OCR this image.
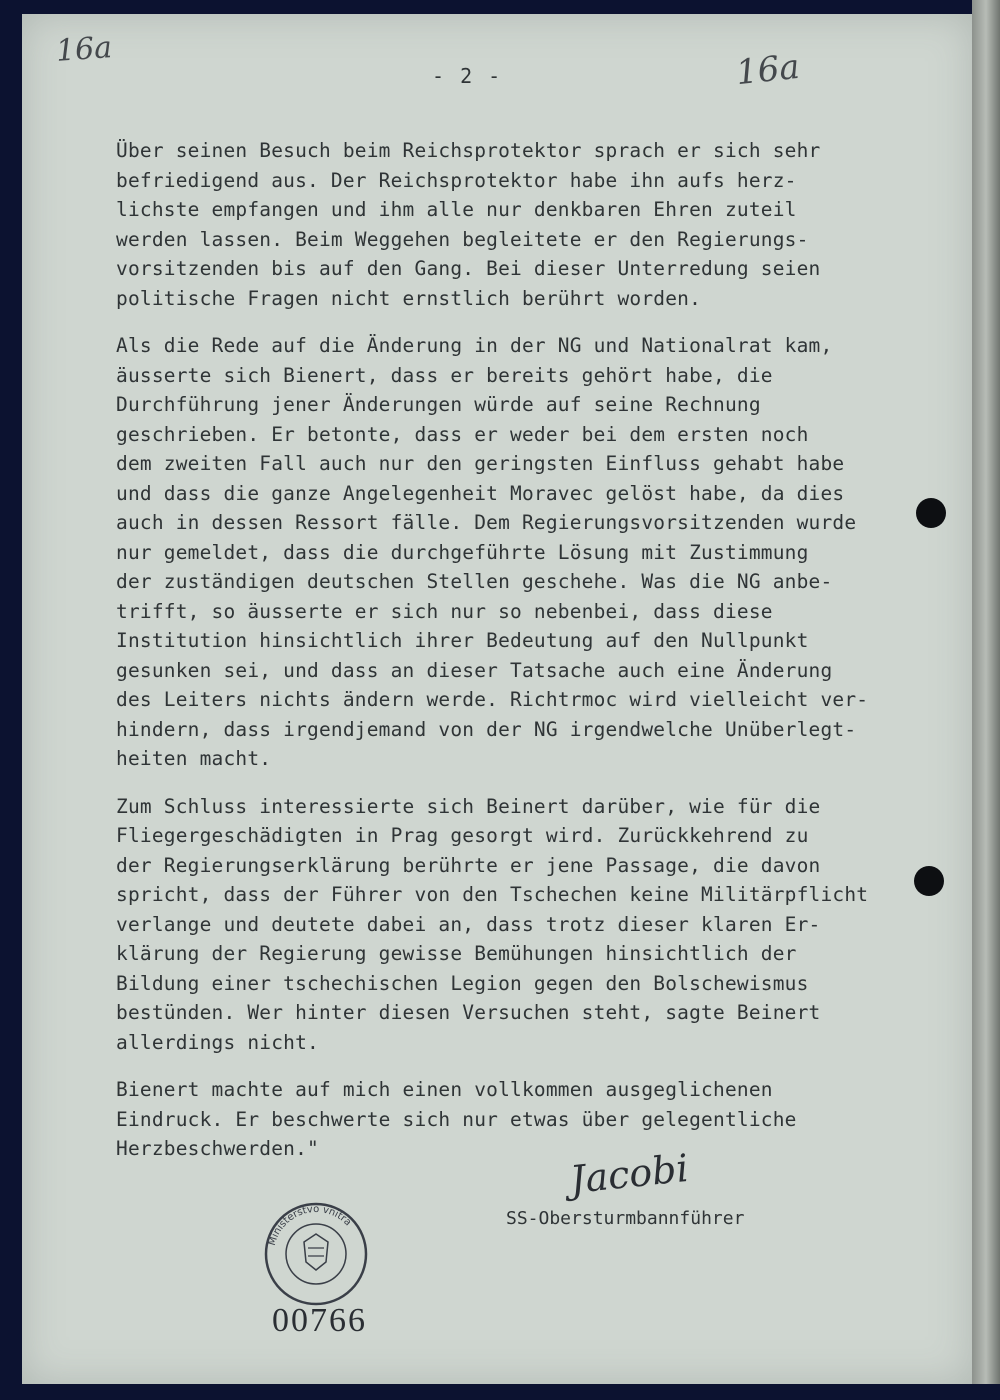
16a
- 2 -	16a
Über seinen Besuch beim Reichsprotektor sprach er sich sehr
befriedigend aus. Der Reichsprotektor habe ihn aufs herz-
lichste empfangen und ihm alle nur denkbaren Ehren zuteil
werden lassen. Beim Weggehen begleitete er den Regierungs-
vorsitzenden bis auf den Gang. Bei dieser Unterredung seien
politische Fragen nicht ernstlich berührt worden.
Als die Rede auf die Änderung in der NG und Nationalrat kam,
äusserte sich Bienert, dass er bereits gehört habe, die
Durchführung jener Änderungen würde auf seine Rechnung
geschrieben. Er betonte, dass er weder bei dem ersten noch
dem zweiten Fall auch nur den geringsten Einfluss gehabt habe
und dass die ganze Angelegenheit Moravec gelöst habe, da dies
auch in dessen Ressort fälle. Dem Regierungsvorsitzenden wurde
nur gemeldet, dass die durchgeführte Lösung mit Zustimmung
der zuständigen deutschen Stellen geschehe. Was die NG anbe-
trifft, so äusserte er sich nur so nebenbei, dass diese
Institution hinsichtlich ihrer Bedeutung auf den Nullpunkt
gesunken sei, und dass an dieser Tatsache auch eine Änderung
des Leiters nichts ändern werde. Richtrmoc wird vielleicht ver-
hindern, dass irgendjemand von der NG irgendwelche Unüberlegt-
heiten macht.
Zum Schluss interessierte sich Beinert darüber, wie für die
Fliegergeschädigten in Prag gesorgt wird. Zurückkehrend zu
der Regierungserklärung berührte er jene Passage, die davon
spricht, dass der Führer von den Tschechen keine Militärpflicht
verlange und deutete dabei an, dass trotz dieser klaren Er-
klärung der Regierung gewisse Bemühungen hinsichtlich der
Bildung einer tschechischen Legion gegen den Bolschewismus
bestünden. Wer hinter diesen Versuchen steht, sagte Beinert
allerdings nicht.
Bienert machte auf mich einen vollkommen ausgeglichenen
Eindruck. Er beschwerte sich nur etwas über gelegentliche
Herzbeschwerden."	Jacobi
SS-Obersturmbannführer
Ministerstvo vnitra
00766
